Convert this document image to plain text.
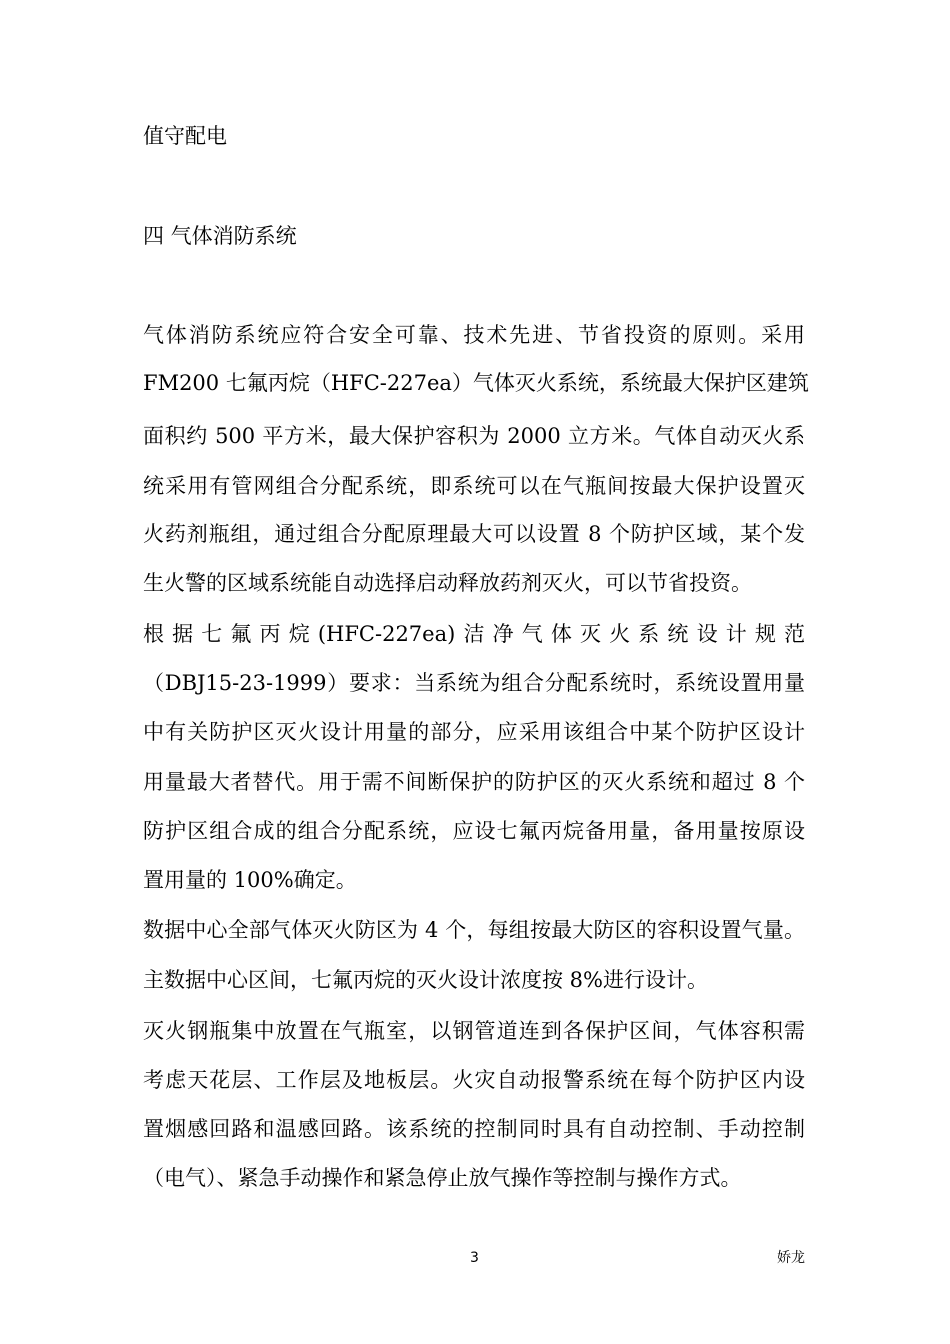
值守配电
四 气体消防系统
气体消防系统应符合安全可靠、技术先进、节省投资的原则。采用
FM200 七氟丙烷（HFC-227ea）气体灭火系统，系统最大保护区建筑
面积约 500 平方米，最大保护容积为 2000 立方米。气体自动灭火系
统采用有管网组合分配系统，即系统可以在气瓶间按最大保护设置灭
火药剂瓶组，通过组合分配原理最大可以设置 8 个防护区域，某个发
生火警的区域系统能自动选择启动释放药剂灭火，可以节省投资。
根据七氟丙烷(HFC-227ea)洁净气体灭火系统设计规范
（DBJ15-23-1999）要求：当系统为组合分配系统时，系统设置用量
中有关防护区灭火设计用量的部分，应采用该组合中某个防护区设计
用量最大者替代。用于需不间断保护的防护区的灭火系统和超过 8 个
防护区组合成的组合分配系统，应设七氟丙烷备用量，备用量按原设
置用量的 100%确定。
数据中心全部气体灭火防区为 4 个，每组按最大防区的容积设置气量。
主数据中心区间，七氟丙烷的灭火设计浓度按 8%进行设计。
灭火钢瓶集中放置在气瓶室，以钢管道连到各保护区间，气体容积需
考虑天花层、工作层及地板层。火灾自动报警系统在每个防护区内设
置烟感回路和温感回路。该系统的控制同时具有自动控制、手动控制
（电气）、紧急手动操作和紧急停止放气操作等控制与操作方式。
3	娇龙
